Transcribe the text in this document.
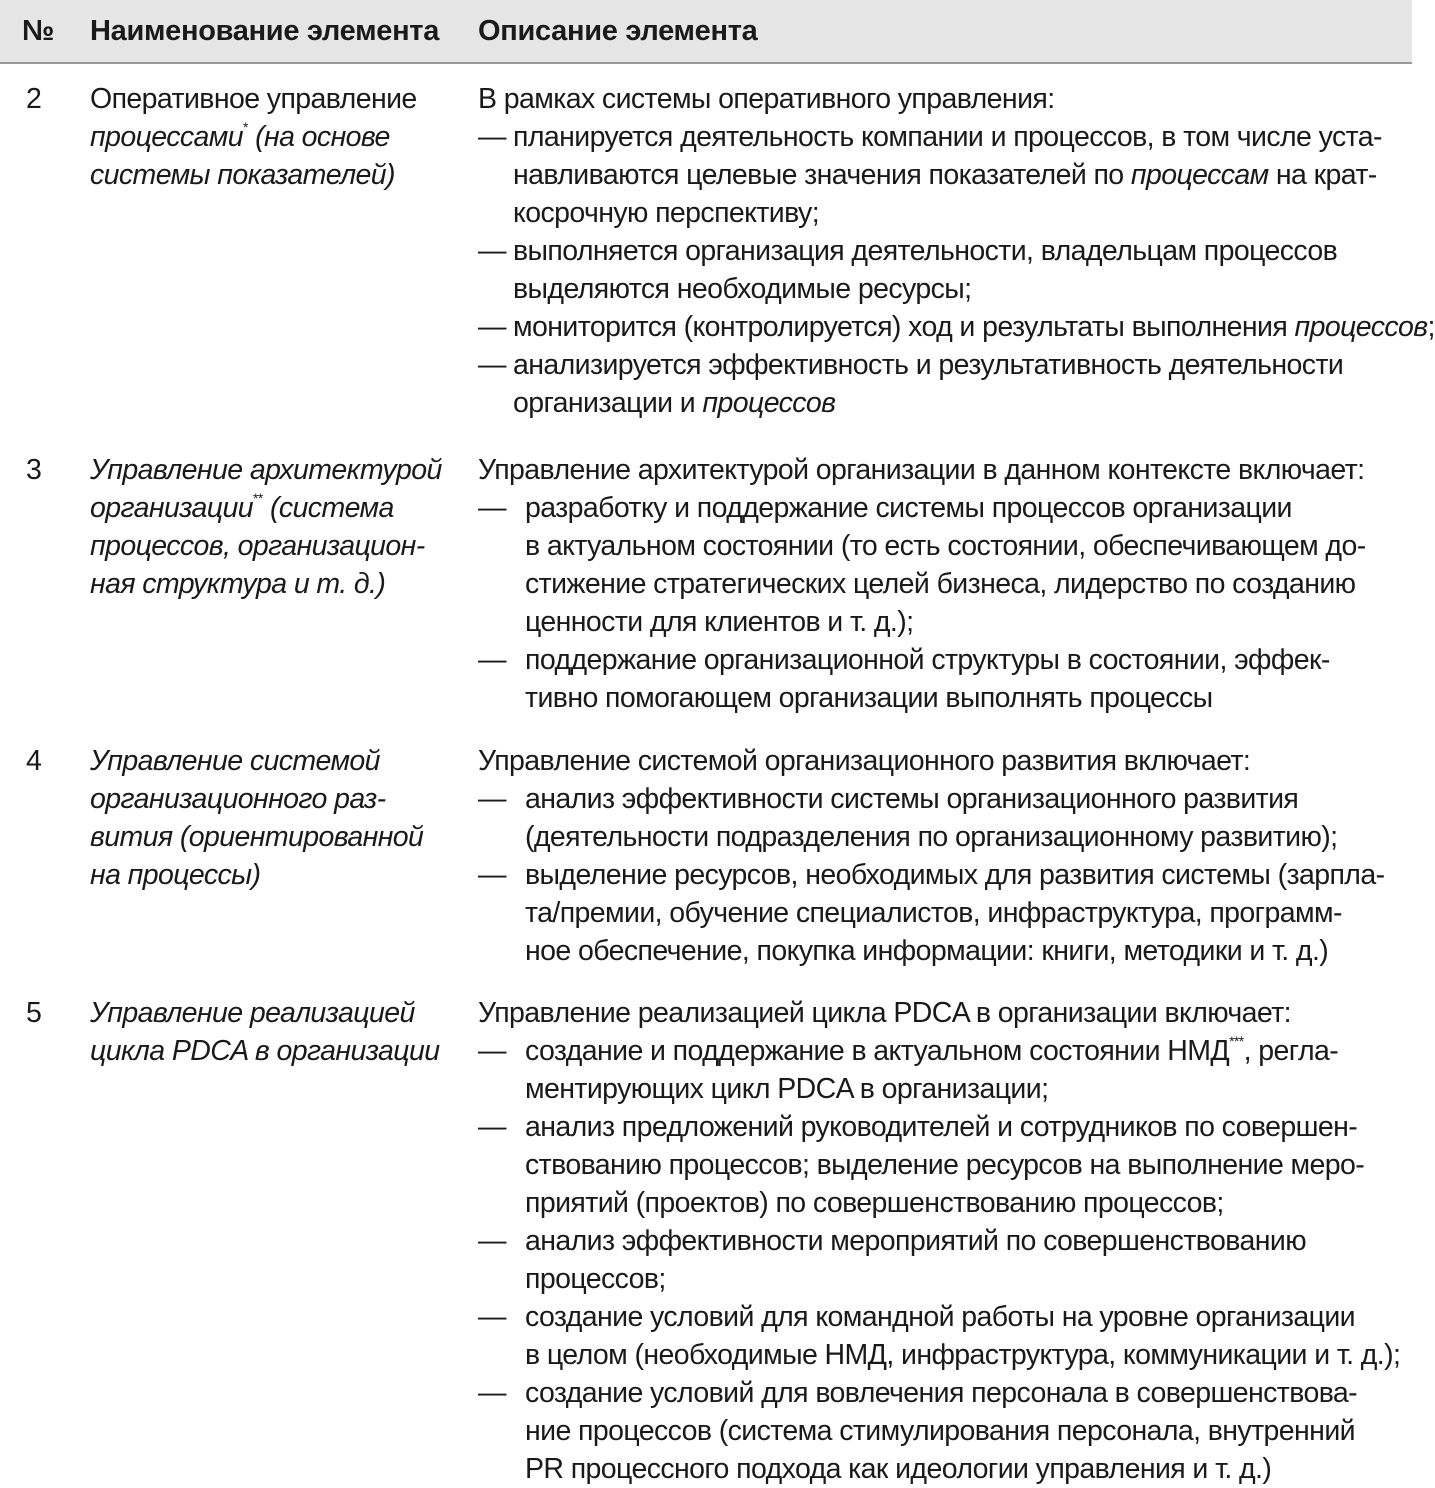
№ Наименование элемента Описание элемента
2 Оперативное управление
процессами* (на основе
системы показателей)
В рамках системы оперативного управления:
— планируется деятельность компании и процессов, в том числе уста-
навливаются целевые значения показателей по процессам на крат-
косрочную перспективу;
— выполняется организация деятельности, владельцам процессов
выделяются необходимые ресурсы;
— мониторится (контролируется) ход и результаты выполнения процессов;
— анализируется эффективность и результативность деятельности
организации и процессов
3 Управление архитектурой
организации** (система
процессов, организацион-
ная структура и т. д.)
Управление архитектурой организации в данном контексте включает:
— разработку и поддержание системы процессов организации
в актуальном состоянии (то есть состоянии, обеспечивающем до-
стижение стратегических целей бизнеса, лидерство по созданию
ценности для клиентов и т. д.);
— поддержание организационной структуры в состоянии, эффек-
тивно помогающем организации выполнять процессы
4 Управление системой
организационного раз-
вития (ориентированной
на процессы)
Управление системой организационного развития включает:
— анализ эффективности системы организационного развития
(деятельности подразделения по организационному развитию);
— выделение ресурсов, необходимых для развития системы (зарпла-
та/премии, обучение специалистов, инфраструктура, программ-
ное обеспечение, покупка информации: книги, методики и т. д.)
5 Управление реализацией
цикла PDCA в организации
Управление реализацией цикла PDCA в организации включает:
— создание и поддержание в актуальном состоянии НМД***, регла-
ментирующих цикл PDCA в организации;
— анализ предложений руководителей и сотрудников по совершен-
ствованию процессов; выделение ресурсов на выполнение меро-
приятий (проектов) по совершенствованию процессов;
— анализ эффективности мероприятий по совершенствованию
процессов;
— создание условий для командной работы на уровне организации
в целом (необходимые НМД, инфраструктура, коммуникации и т. д.);
— создание условий для вовлечения персонала в совершенствова-
ние процессов (система стимулирования персонала, внутренний
PR процессного подхода как идеологии управления и т. д.)
